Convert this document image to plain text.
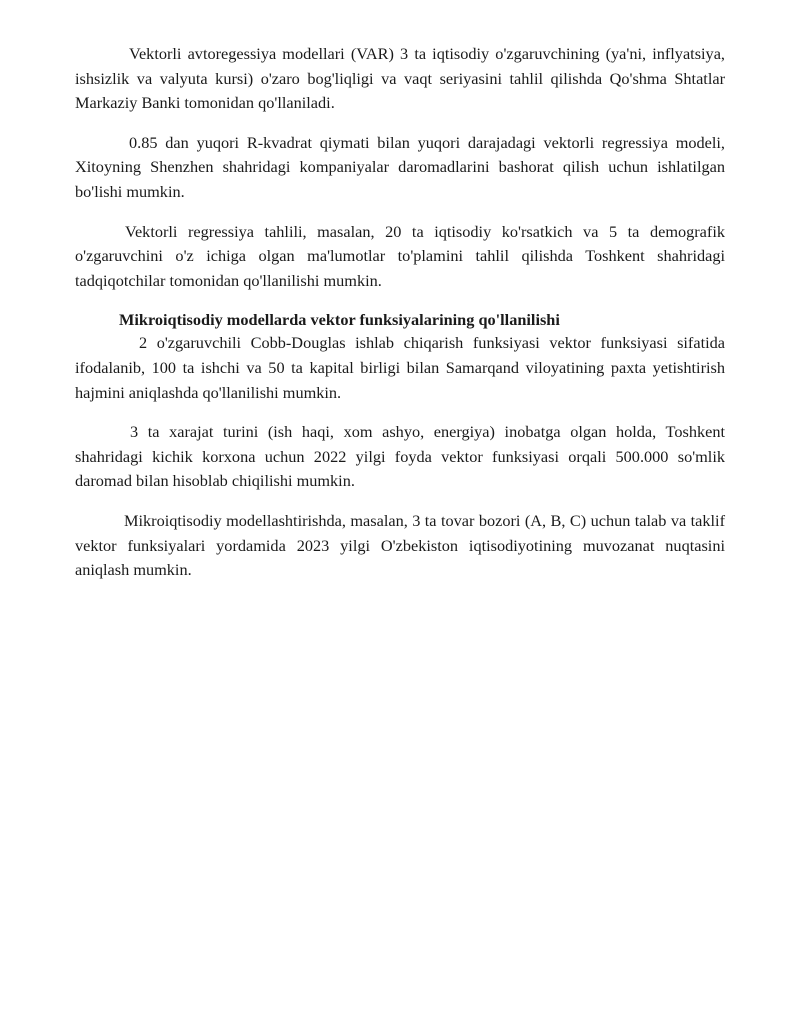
Vektorli avtoregessiya modellari (VAR) 3 ta iqtisodiy o'zgaruvchining (ya'ni, inflyatsiya, ishsizlik va valyuta kursi) o'zaro bog'liqligi va vaqt seriyasini tahlil qilishda Qo'shma Shtatlar Markaziy Banki tomonidan qo'llaniladi.

0.85 dan yuqori R-kvadrat qiymati bilan yuqori darajadagi vektorli regressiya modeli, Xitoyning Shenzhen shahridagi kompaniyalar daromadlarini bashorat qilish uchun ishlatilgan bo'lishi mumkin.

Vektorli regressiya tahlili, masalan, 20 ta iqtisodiy ko'rsatkich va 5 ta demografik o'zgaruvchini o'z ichiga olgan ma'lumotlar to'plamini tahlil qilishda Toshkent shahridagi tadqiqotchilar tomonidan qo'llanilishi mumkin.

Mikroiqtisodiy modellarda vektor funksiyalarining qo'llanilishi

2 o'zgaruvchili Cobb-Douglas ishlab chiqarish funksiyasi vektor funksiyasi sifatida ifodalanib, 100 ta ishchi va 50 ta kapital birligi bilan Samarqand viloyatining paxta yetishtirish hajmini aniqlashda qo'llanilishi mumkin.

3 ta xarajat turini (ish haqi, xom ashyo, energiya) inobatga olgan holda, Toshkent shahridagi kichik korxona uchun 2022 yilgi foyda vektor funksiyasi orqali 500.000 so'mlik daromad bilan hisoblab chiqilishi mumkin.

Mikroiqtisodiy modellashtirishda, masalan, 3 ta tovar bozori (A, B, C) uchun talab va taklif vektor funksiyalari yordamida 2023 yilgi O'zbekiston iqtisodiyotining muvozanat nuqtasini aniqlash mumkin.
